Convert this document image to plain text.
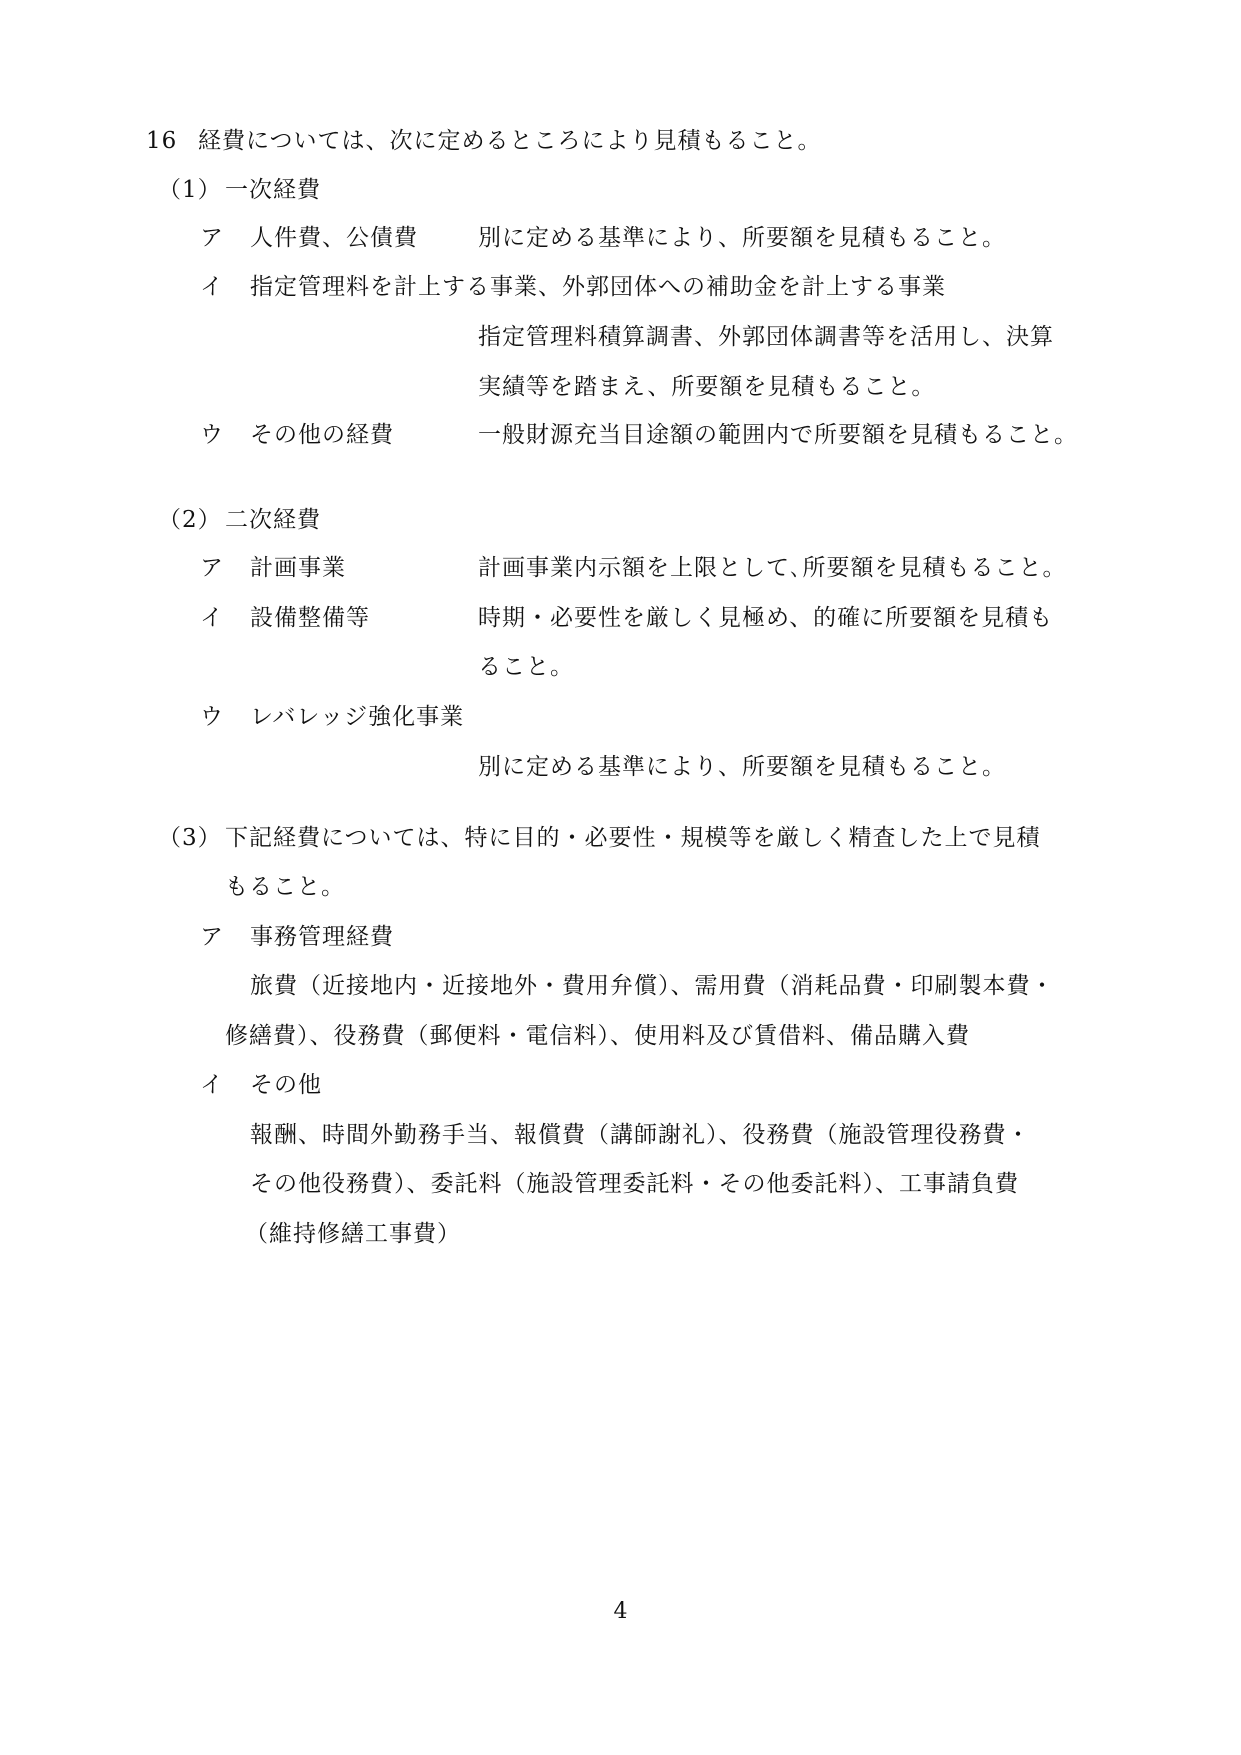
16 経費については、次に定めるところにより見積もること。
（1） 一次経費
ア 人件費、公債費	別に定める基準により、所要額を見積もること。
イ 指定管理料を計上する事業、外郭団体への補助金を計上する事業
指定管理料積算調書、外郭団体調書等を活用し、決算
実績等を踏まえ、所要額を見積もること。
ウ その他の経費	一般財源充当目途額の範囲内で所要額を見積もること。
（2） 二次経費
ア 計画事業	計画事業内示額を上限として､所要額を見積もること。
イ 設備整備等	時期・必要性を厳しく見極め、的確に所要額を見積も
ること。
ウ レバレッジ強化事業
別に定める基準により、所要額を見積もること。
（3） 下記経費については、特に目的・必要性・規模等を厳しく精査した上で見積
もること。
ア 事務管理経費
旅費（近接地内・近接地外・費用弁償）、需用費（消耗品費・印刷製本費・
修繕費）、役務費（郵便料・電信料）、使用料及び賃借料、備品購入費
イ その他
報酬、時間外勤務手当、報償費（講師謝礼）、役務費（施設管理役務費・
その他役務費）、委託料（施設管理委託料・その他委託料）、工事請負費
（維持修繕工事費）
4
